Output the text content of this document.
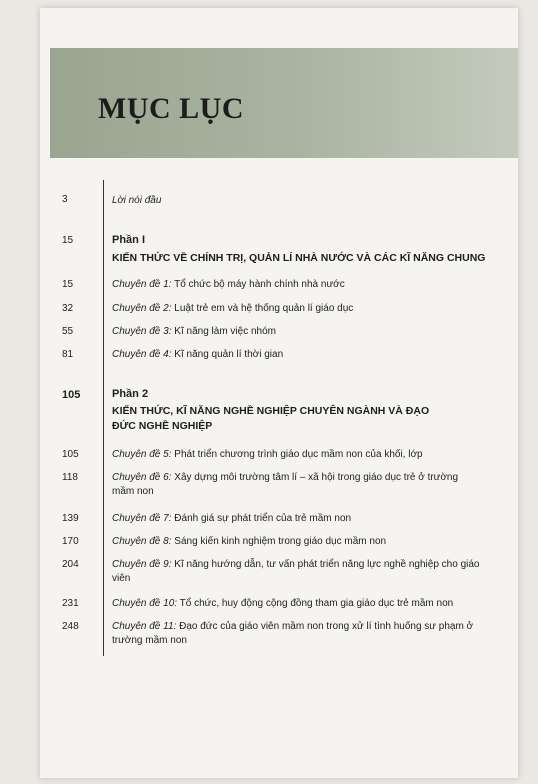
MỤC LỤC
3	Lời nói đầu
15	Phần I
KIẾN THỨC VỀ CHÍNH TRỊ, QUẢN LÍ NHÀ NƯỚC VÀ CÁC KĨ NĂNG CHUNG
15	Chuyên đề 1: Tổ chức bộ máy hành chính nhà nước
32	Chuyên đề 2: Luật trẻ em và hệ thống quản lí giáo dục
55	Chuyên đề 3: Kĩ năng làm việc nhóm
81	Chuyên đề 4: Kĩ năng quản lí thời gian
105	Phần 2
KIẾN THỨC, KĨ NĂNG NGHỀ NGHIỆP CHUYÊN NGÀNH VÀ ĐẠO ĐỨC NGHỀ NGHIỆP
105	Chuyên đề 5: Phát triển chương trình giáo dục mầm non của khối, lớp
118	Chuyên đề 6: Xây dựng môi trường tâm lí – xã hội trong giáo dục trẻ ở trường mầm non
139	Chuyên đề 7: Đánh giá sự phát triển của trẻ mầm non
170	Chuyên đề 8: Sáng kiến kinh nghiệm trong giáo dục mầm non
204	Chuyên đề 9: Kĩ năng hướng dẫn, tư vấn phát triển năng lực nghề nghiệp cho giáo viên
231	Chuyên đề 10: Tổ chức, huy động cộng đồng tham gia giáo dục trẻ mầm non
248	Chuyên đề 11: Đạo đức của giáo viên mầm non trong xử lí tình huống sư phạm ở trường mầm non
